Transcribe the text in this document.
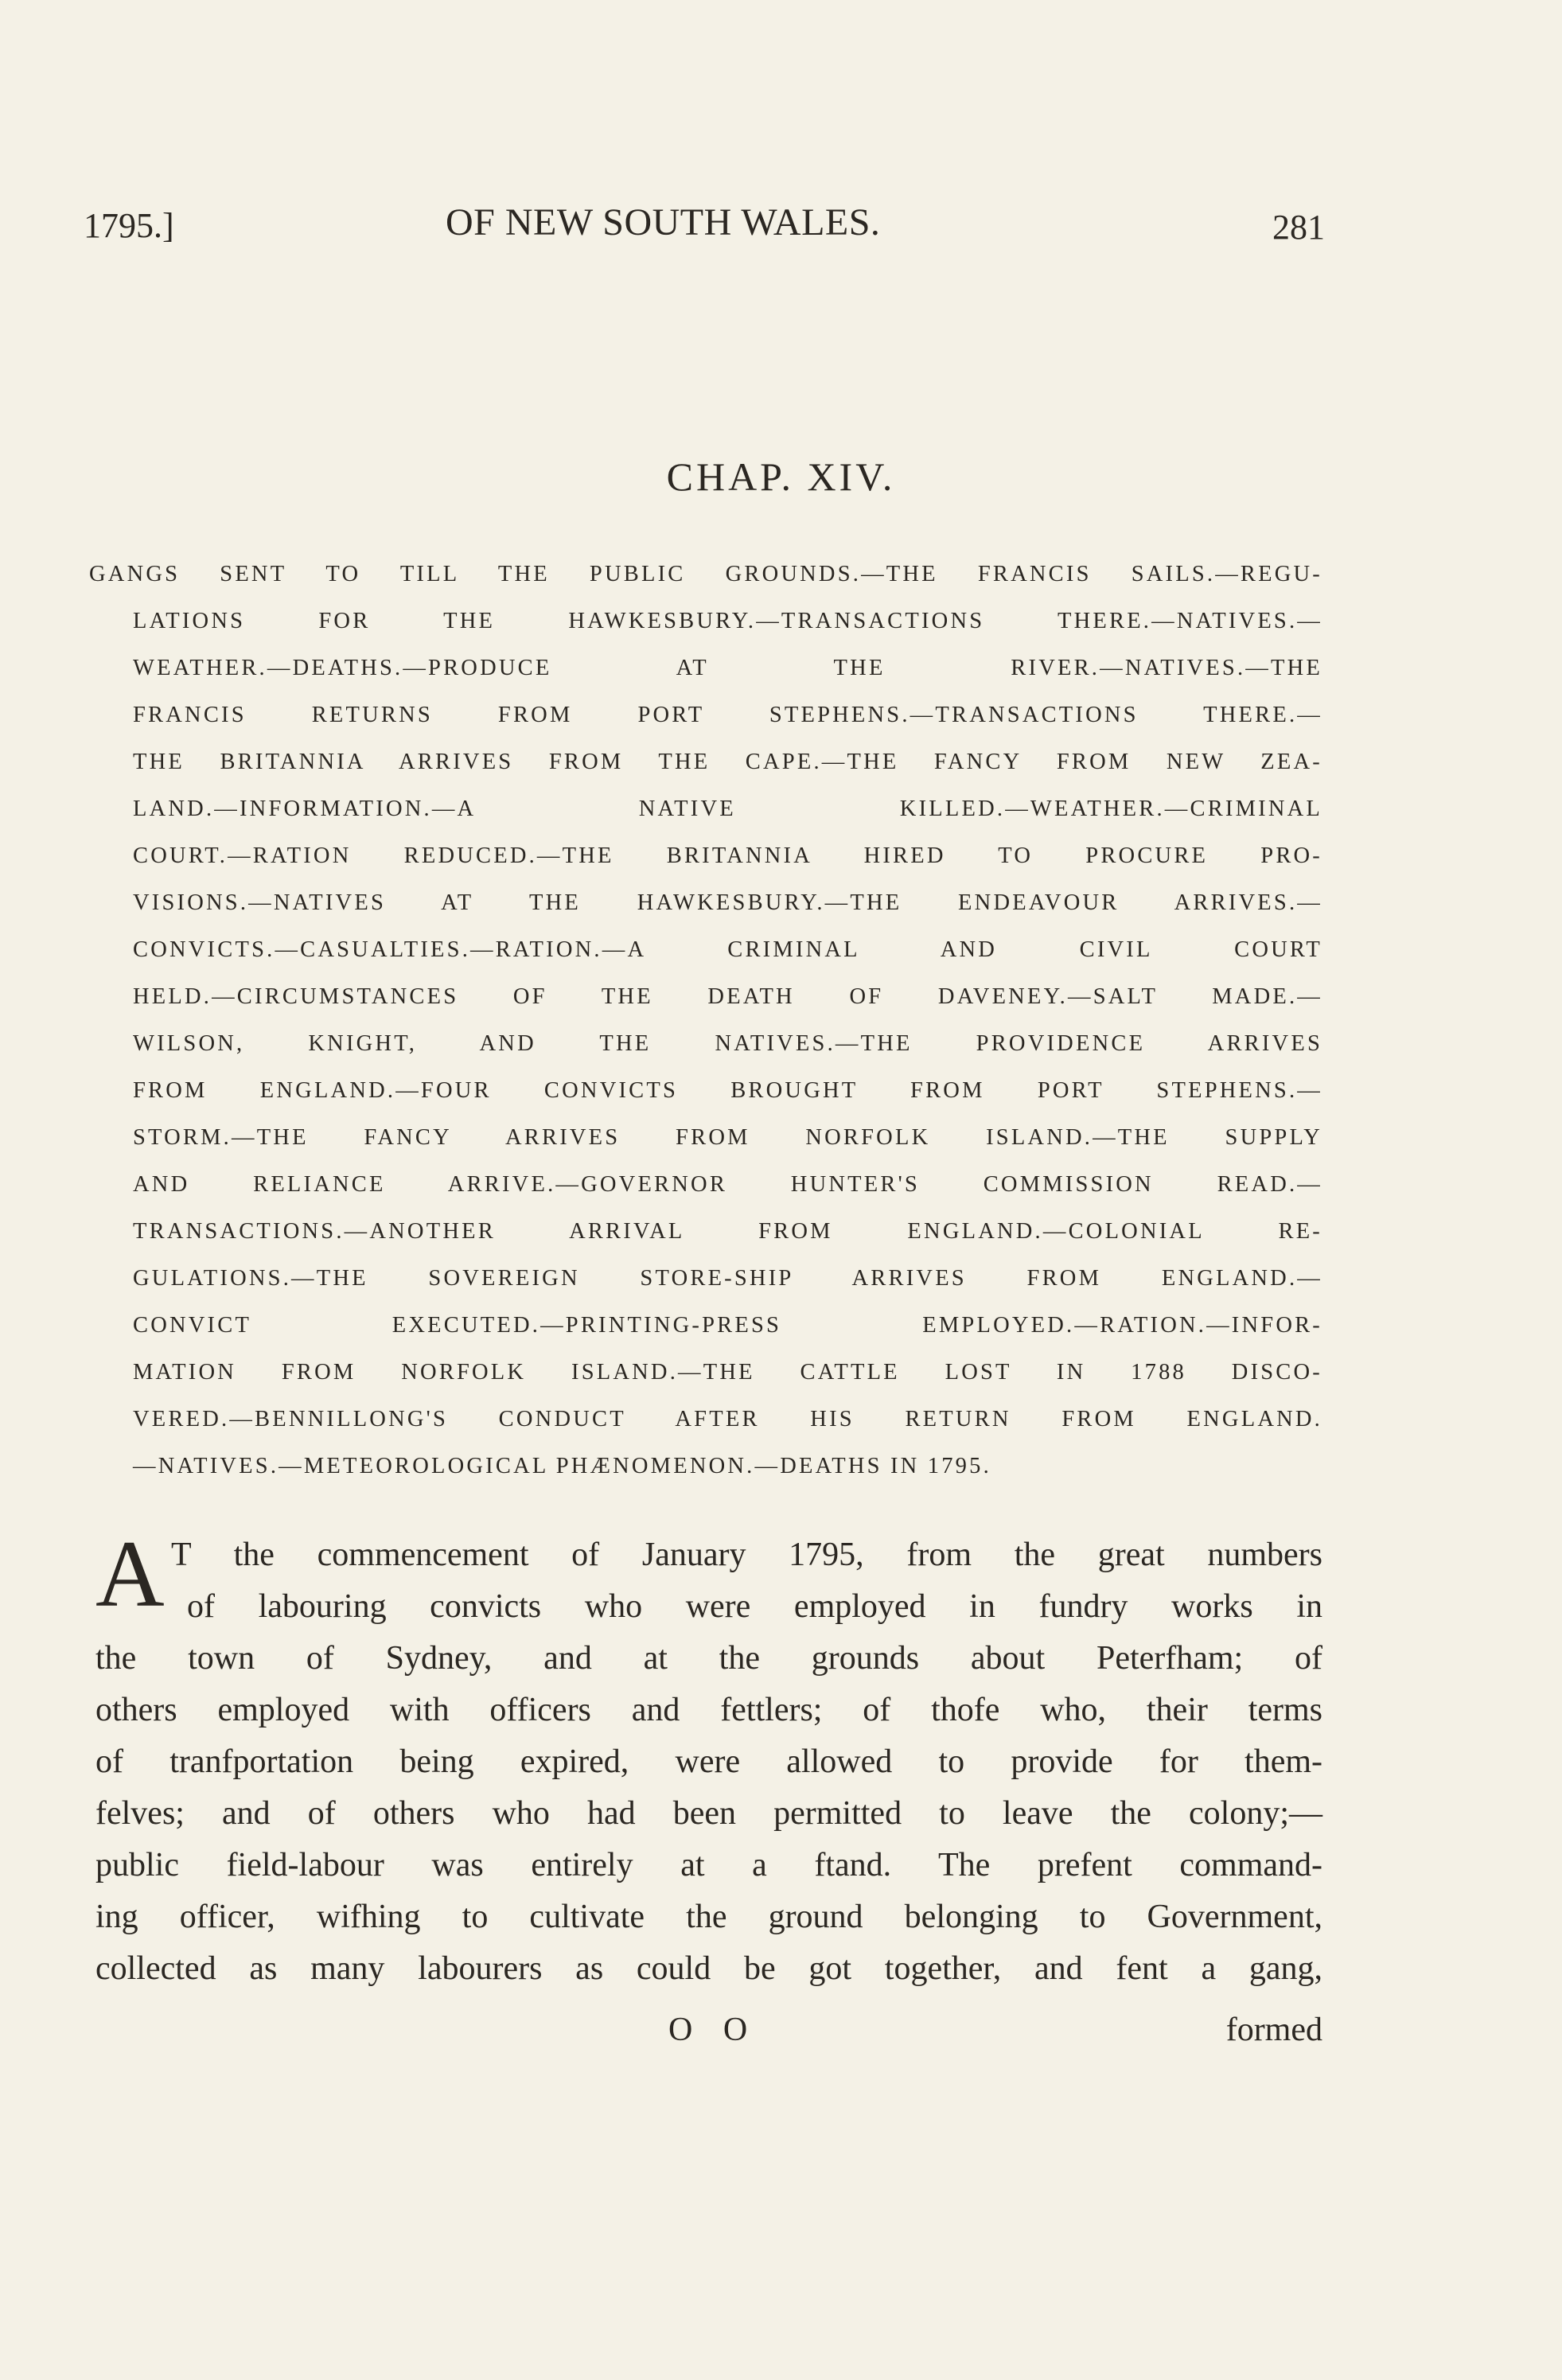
1795.]	OF NEW SOUTH WALES.	281
CHAP. XIV.
GANGS SENT TO TILL THE PUBLIC GROUNDS.—THE FRANCIS SAILS.—REGU-
LATIONS FOR THE HAWKESBURY.—TRANSACTIONS THERE.—NATIVES.—
WEATHER.—DEATHS.—PRODUCE AT THE RIVER.—NATIVES.—THE
FRANCIS RETURNS FROM PORT STEPHENS.—TRANSACTIONS THERE.—
THE BRITANNIA ARRIVES FROM THE CAPE.—THE FANCY FROM NEW ZEA-
LAND.—INFORMATION.—A NATIVE KILLED.—WEATHER.—CRIMINAL
COURT.—RATION REDUCED.—THE BRITANNIA HIRED TO PROCURE PRO-
VISIONS.—NATIVES AT THE HAWKESBURY.—THE ENDEAVOUR ARRIVES.—
CONVICTS.—CASUALTIES.—RATION.—A CRIMINAL AND CIVIL COURT
HELD.—CIRCUMSTANCES OF THE DEATH OF DAVENEY.—SALT MADE.—
WILSON, KNIGHT, AND THE NATIVES.—THE PROVIDENCE ARRIVES
FROM ENGLAND.—FOUR CONVICTS BROUGHT FROM PORT STEPHENS.—
STORM.—THE FANCY ARRIVES FROM NORFOLK ISLAND.—THE SUPPLY
AND RELIANCE ARRIVE.—GOVERNOR HUNTER'S COMMISSION READ.—
TRANSACTIONS.—ANOTHER ARRIVAL FROM ENGLAND.—COLONIAL RE-
GULATIONS.—THE SOVEREIGN STORE-SHIP ARRIVES FROM ENGLAND.—
CONVICT EXECUTED.—PRINTING-PRESS EMPLOYED.—RATION.—INFOR-
MATION FROM NORFOLK ISLAND.—THE CATTLE LOST IN 1788 DISCO-
VERED.—BENNILLONG'S CONDUCT AFTER HIS RETURN FROM ENGLAND.
—NATIVES.—METEOROLOGICAL PHÆNOMENON.—DEATHS IN 1795.
A T the commencement of January 1795, from the great numbers
of labouring convicts who were employed in fundry works in
the town of Sydney, and at the grounds about Peterfham; of
others employed with officers and fettlers; of thofe who, their terms
of tranfportation being expired, were allowed to provide for them-
felves; and of others who had been permitted to leave the colony;—
public field-labour was entirely at a ftand. The prefent command-
ing officer, wifhing to cultivate the ground belonging to Government,
collected as many labourers as could be got together, and fent a gang,
O O	formed
